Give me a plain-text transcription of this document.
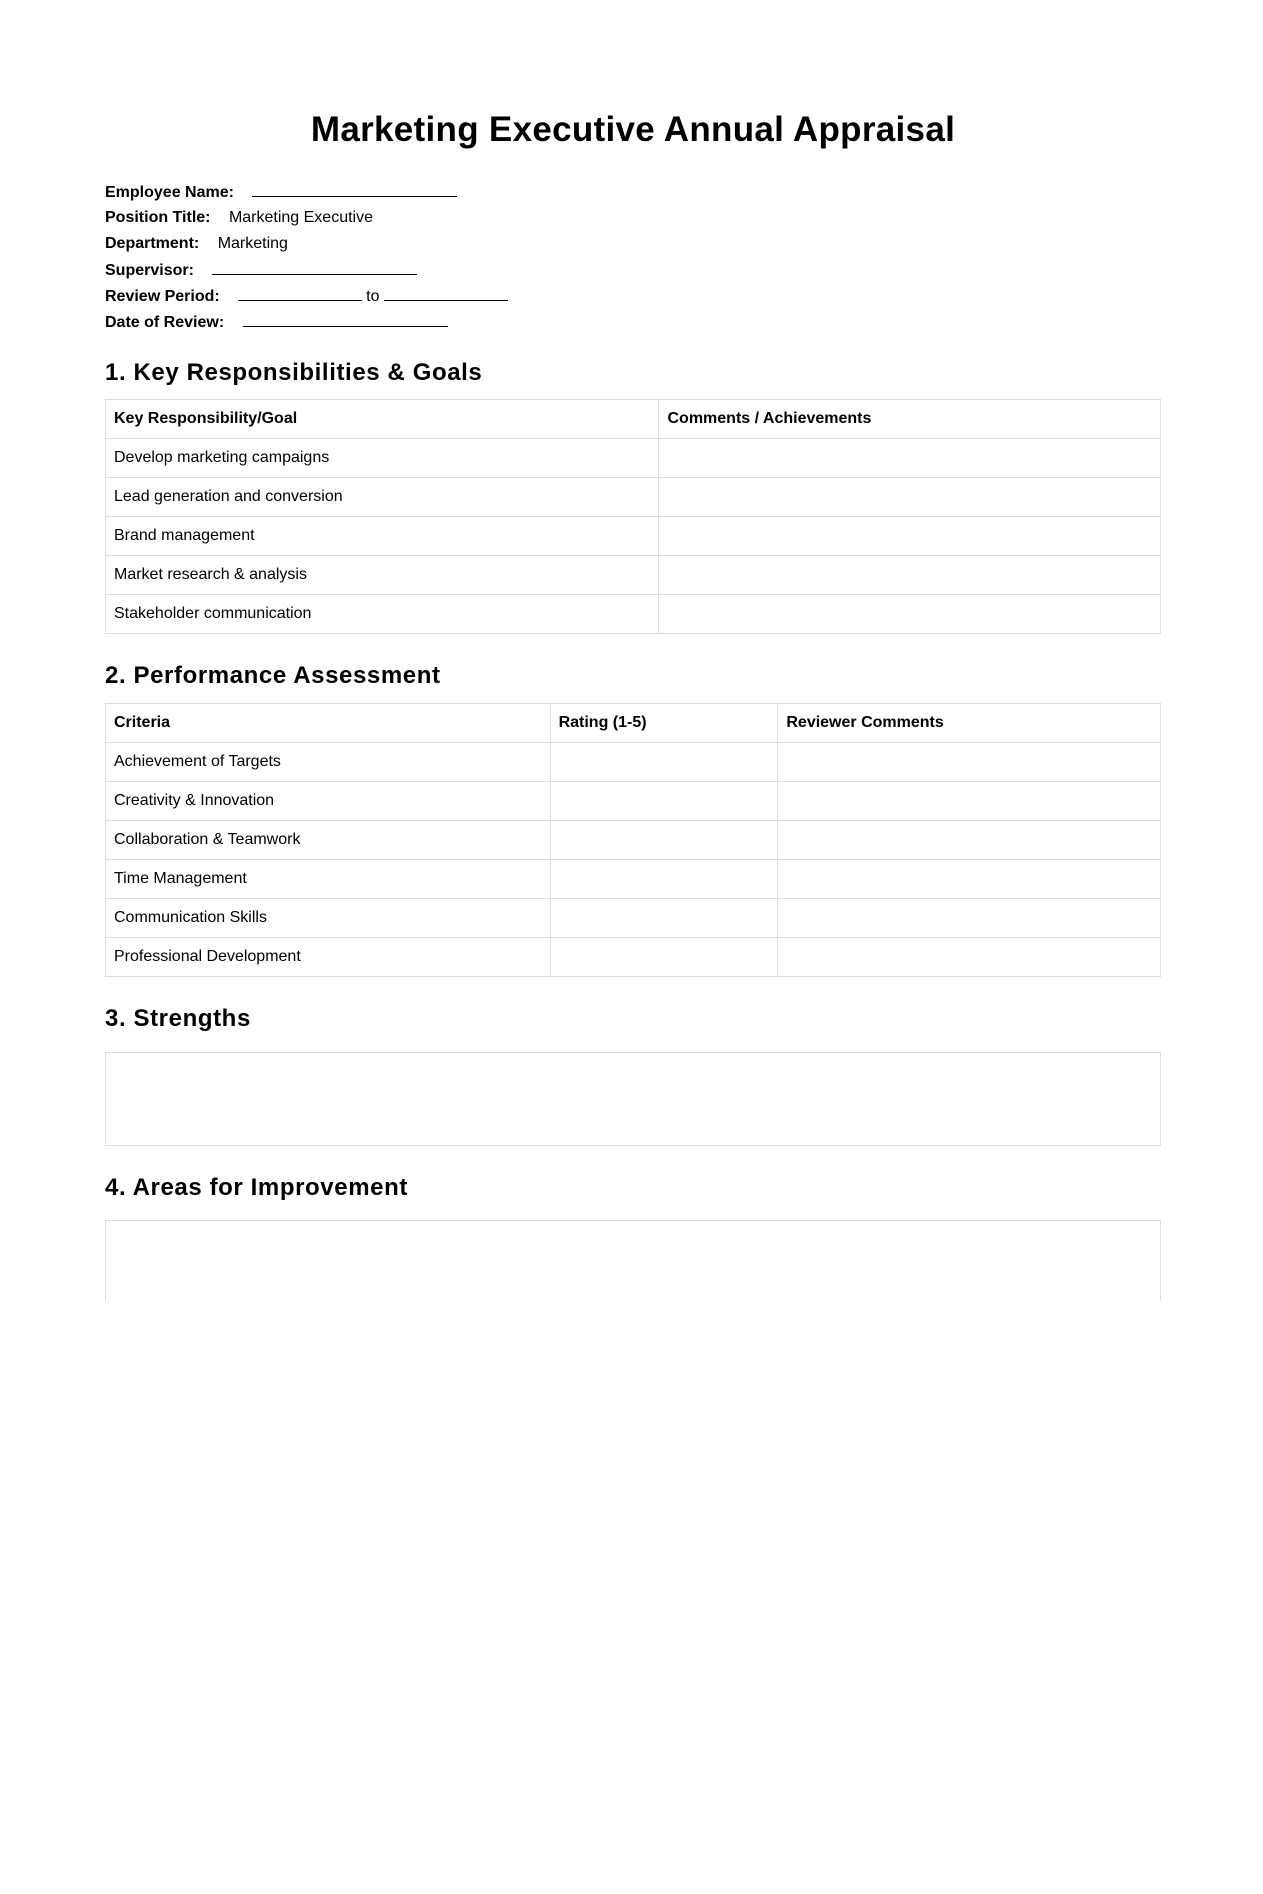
Marketing Executive Annual Appraisal
Employee Name:
Position Title: Marketing Executive
Department: Marketing
Supervisor:
Review Period:	to
Date of Review:
1. Key Responsibilities & Goals
Key Responsibility/Goal	Comments / Achievements
Develop marketing campaigns	
Lead generation and conversion	
Brand management	
Market research & analysis	
Stakeholder communication	
2. Performance Assessment
Criteria	Rating (1-5)	Reviewer Comments
Achievement of Targets		
Creativity & Innovation		
Collaboration & Teamwork		
Time Management		
Communication Skills		
Professional Development		
3. Strengths
4. Areas for Improvement
